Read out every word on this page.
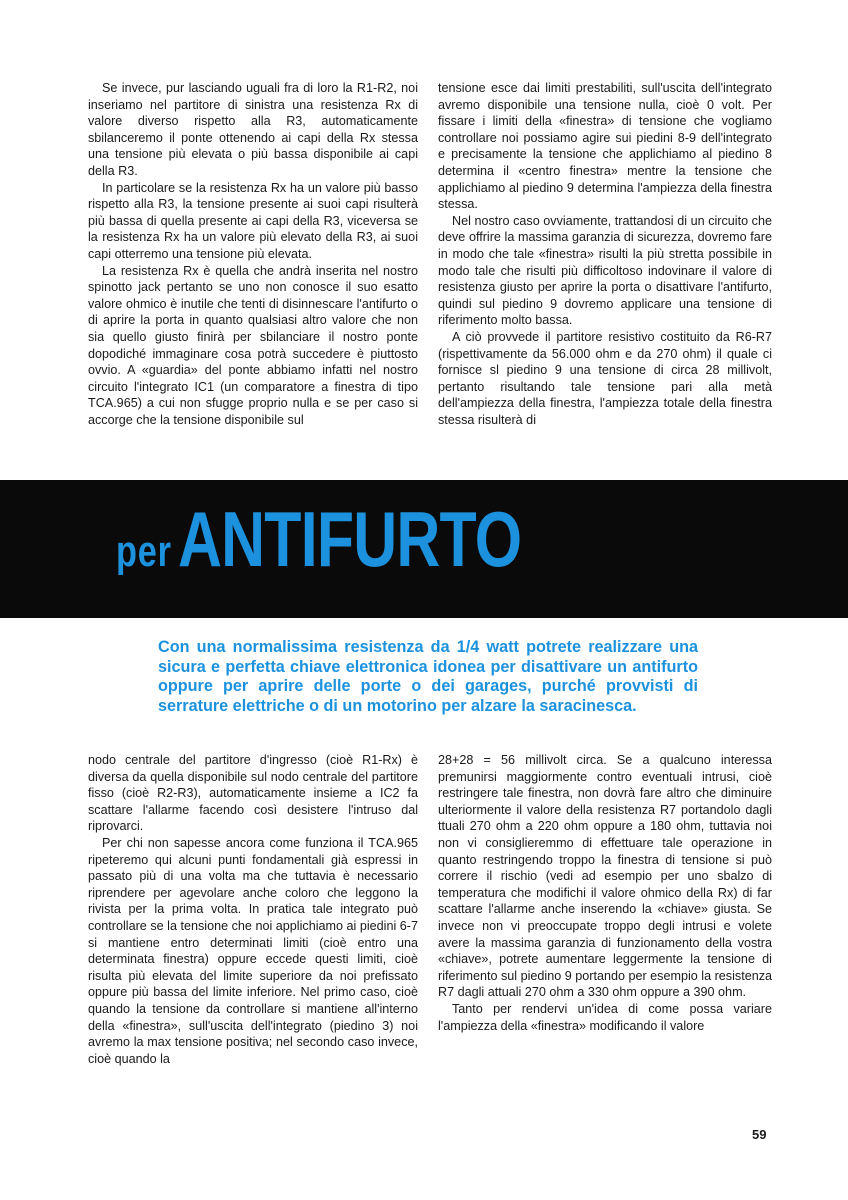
Se invece, pur lasciando uguali fra di loro la R1-R2, noi inseriamo nel partitore di sinistra una resistenza Rx di valore diverso rispetto alla R3, automaticamente sbilanceremo il ponte ottenendo ai capi della Rx stessa una tensione più elevata o più bassa disponibile ai capi della R3.

In particolare se la resistenza Rx ha un valore più basso rispetto alla R3, la tensione presente ai suoi capi risulterà più bassa di quella presente ai capi della R3, viceversa se la resistenza Rx ha un valore più elevato della R3, ai suoi capi otterremo una tensione più elevata.

La resistenza Rx è quella che andrà inserita nel nostro spinotto jack pertanto se uno non conosce il suo esatto valore ohmico è inutile che tenti di disinnescare l'antifurto o di aprire la porta in quanto qualsiasi altro valore che non sia quello giusto finirà per sbilanciare il nostro ponte dopodiché immaginare cosa potrà succedere è piuttosto ovvio. A «guardia» del ponte abbiamo infatti nel nostro circuito l'integrato IC1 (un comparatore a finestra di tipo TCA.965) a cui non sfugge proprio nulla e se per caso si accorge che la tensione disponibile sul

tensione esce dai limiti prestabiliti, sull'uscita dell'integrato avremo disponibile una tensione nulla, cioè 0 volt. Per fissare i limiti della «finestra» di tensione che vogliamo controllare noi possiamo agire sui piedini 8-9 dell'integrato e precisamente la tensione che applichiamo al piedino 8 determina il «centro finestra» mentre la tensione che applichiamo al piedino 9 determina l'ampiezza della finestra stessa.

Nel nostro caso ovviamente, trattandosi di un circuito che deve offrire la massima garanzia di sicurezza, dovremo fare in modo che tale «finestra» risulti la più stretta possibile in modo tale che risulti più difficoltoso indovinare il valore di resistenza giusto per aprire la porta o disattivare l'antifurto, quindi sul piedino 9 dovremo applicare una tensione di riferimento molto bassa.

A ciò provvede il partitore resistivo costituito da R6-R7 (rispettivamente da 56.000 ohm e da 270 ohm) il quale ci fornisce sl piedino 9 una tensione di circa 28 millivolt, pertanto risultando tale tensione pari alla metà dell'ampiezza della finestra, l'ampiezza totale della finestra stessa risulterà di

perANTIFURTO
Con una normalissima resistenza da 1/4 watt potrete realizzare una sicura e perfetta chiave elettronica idonea per disattivare un antifurto oppure per aprire delle porte o dei garages, purché provvisti di serrature elettriche o di un motorino per alzare la saracinesca.

nodo centrale del partitore d'ingresso (cioè R1-Rx) è diversa da quella disponibile sul nodo centrale del partitore fisso (cioè R2-R3), automaticamente insieme a IC2 fa scattare l'allarme facendo così desistere l'intruso dal riprovarci.

Per chi non sapesse ancora come funziona il TCA.965 ripeteremo qui alcuni punti fondamentali già espressi in passato più di una volta ma che tuttavia è necessario riprendere per agevolare anche coloro che leggono la rivista per la prima volta. In pratica tale integrato può controllare se la tensione che noi applichiamo ai piedini 6-7 si mantiene entro determinati limiti (cioè entro una determinata finestra) oppure eccede questi limiti, cioè risulta più elevata del limite superiore da noi prefissato oppure più bassa del limite inferiore. Nel primo caso, cioè quando la tensione da controllare si mantiene all'interno della «finestra», sull'uscita dell'integrato (piedino 3) noi avremo la max tensione positiva; nel secondo caso invece, cioè quando la

28+28 = 56 millivolt circa. Se a qualcuno interessa premunirsi maggiormente contro eventuali intrusi, cioè restringere tale finestra, non dovrà fare altro che diminuire ulteriormente il valore della resistenza R7 portandolo dagli ttuali 270 ohm a 220 ohm oppure a 180 ohm, tuttavia noi non vi consiglieremmo di effettuare tale operazione in quanto restringendo troppo la finestra di tensione si può correre il rischio (vedi ad esempio per uno sbalzo di temperatura che modifichi il valore ohmico della Rx) di far scattare l'allarme anche inserendo la «chiave» giusta. Se invece non vi preoccupate troppo degli intrusi e volete avere la massima garanzia di funzionamento della vostra «chiave», potrete aumentare leggermente la tensione di riferimento sul piedino 9 portando per esempio la resistenza R7 dagli attuali 270 ohm a 330 ohm oppure a 390 ohm.

Tanto per rendervi un'idea di come possa variare l'ampiezza della «finestra» modificando il valore

59
